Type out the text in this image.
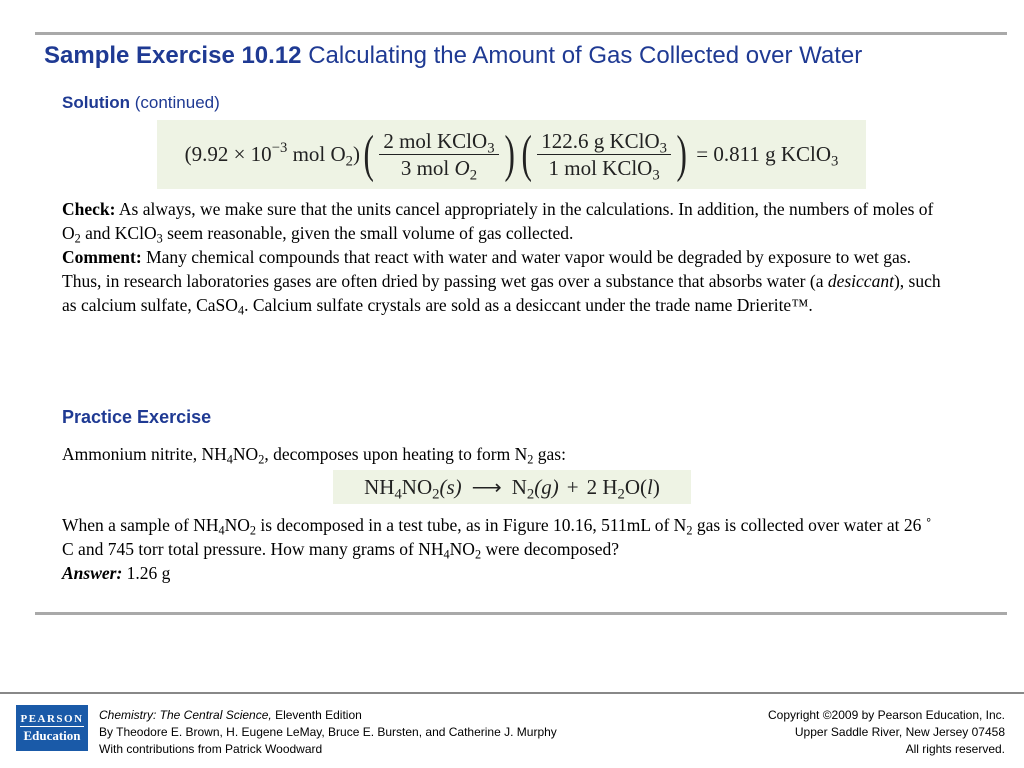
Sample Exercise 10.12 Calculating the Amount of Gas Collected over Water
Solution (continued)
($9.92 \times 10^{-3}$ mol $O_2$) ( $\frac{2 mol KClO_3}{3 mol O_2}$ ) ( $\frac{122.6 g KClO_3}{1 mol KClO_3}$ ) = 0.811 g KClO$_3$

Check: As always, we make sure that the units cancel appropriately in the calculations. In addition, the numbers of moles of $O_2$ and KClO$_3$ seem reasonable, given the small volume of gas collected.

Comment: Many chemical compounds that react with water and water vapor would be degraded by exposure to wet gas. Thus, in research laboratories gases are often dried by passing wet gas over a substance that absorbs water (a desiccant), such as calcium sulfate, CaSO$_4$. Calcium sulfate crystals are sold as a desiccant under the trade name Drierite™.

Practice Exercise
Ammonium nitrite, $NH_4NO_2$, decomposes upon heating to form $N_2$ gas:
$NH_4NO_2(s)$ ⟶ $N_2(g) + 2$ $H_2O(l)$
When a sample of $NH_4NO_2$ is decomposed in a test tube, as in Figure 10.16, 511mL of $N_2$ gas is collected over water at 26 ˚ C and 745 torr total pressure. How many grams of $NH_4NO_2$ were decomposed?
Answer: 1.26 g
PEARSON
Education
Chemistry: The Central Science, Eleventh Edition
By Theodore E. Brown, H. Eugene LeMay, Bruce E. Bursten, and Catherine J. Murphy
With contributions from Patrick Woodward
Copyright ©2009 by Pearson Education, Inc.
Upper Saddle River, New Jersey 07458
All rights reserved.
